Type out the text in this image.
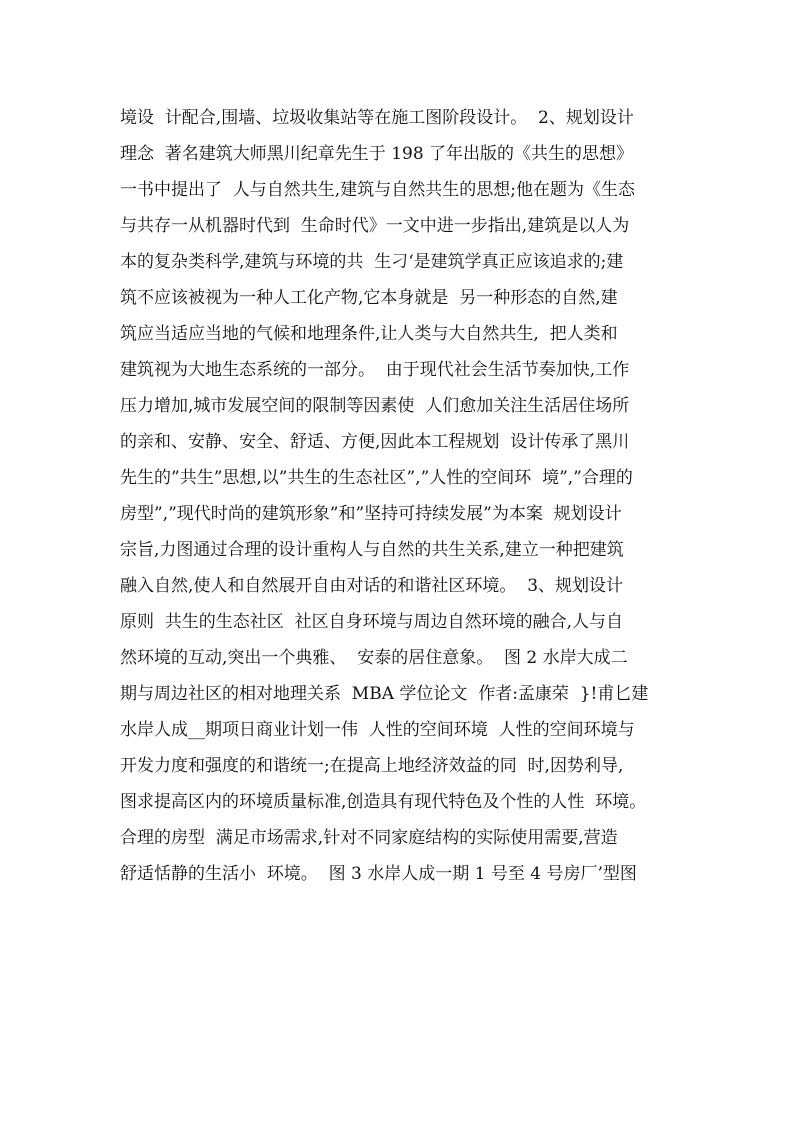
境设  计配合,围墙、垃圾收集站等在施工图阶段设计。  2、规划设计
理念  著名建筑大师黑川纪章先生于 198 了年出版的《共生的思想》
一书中提出了  人与自然共生,建筑与自然共生的思想;他在题为《生态
与共存一从机器时代到  生命时代》一文中进一步指出,建筑是以人为
本的复杂类科学,建筑与环境的共  生刁‘是建筑学真正应该追求的;建
筑不应该被视为一种人工化产物,它本身就是  另一种形态的自然,建
筑应当适应当地的气候和地理条件,让人类与大自然共生,  把人类和
建筑视为大地生态系统的一部分。  由于现代社会生活节奏加快,工作
压力增加,城市发展空间的限制等因素使  人们愈加关注生活居住场所
的亲和、安静、安全、舒适、方便,因此本工程规划  设计传承了黑川
先生的”共生”思想,以”共生的生态社区”,”人性的空间环  境”,”合理的
房型”,”现代时尚的建筑形象”和”坚持可持续发展”为本案  规划设计
宗旨,力图通过合理的设计重构人与自然的共生关系,建立一种把建筑
融入自然,使人和自然展开自由对话的和谐社区环境。  3、规划设计
原则  共生的生态社区  社区自身环境与周边自然环境的融合,人与自
然环境的互动,突出一个典雅、  安泰的居住意象。  图 2 水岸大成二
期与周边社区的相对地理关系  MBA 学位论文  作者:孟康荣  }!甫匕建
水岸人成__期项日商业计划一伟  人性的空间环境  人性的空间环境与
开发力度和强度的和谐统一;在提高上地经济效益的同  时,因势利导,
图求提高区内的环境质量标准,创造具有现代特色及个性的人性  环境。
合理的房型  满足市场需求,针对不同家庭结构的实际使用需要,营造
舒适恬静的生活小  环境。  图 3 水岸人成一期 1 号至 4 号房厂’型图
